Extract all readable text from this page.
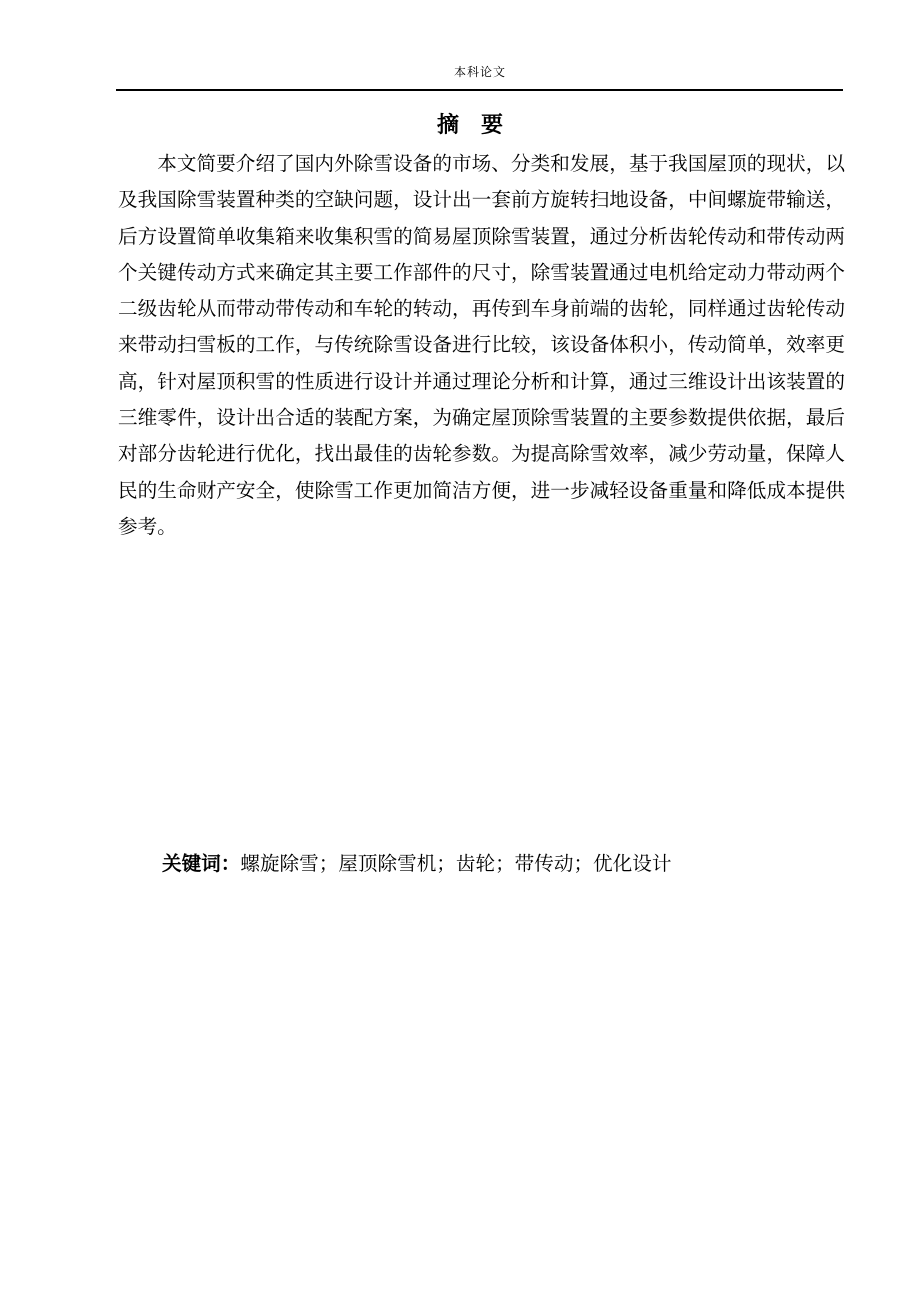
本科论文
摘要

本文简要介绍了国内外除雪设备的市场、分类和发展，基于我国屋顶的现状，以及我国除雪装置种类的空缺问题，设计出一套前方旋转扫地设备，中间螺旋带输送，后方设置简单收集箱来收集积雪的简易屋顶除雪装置，通过分析齿轮传动和带传动两个关键传动方式来确定其主要工作部件的尺寸，除雪装置通过电机给定动力带动两个二级齿轮从而带动带传动和车轮的转动，再传到车身前端的齿轮，同样通过齿轮传动来带动扫雪板的工作，与传统除雪设备进行比较，该设备体积小，传动简单，效率更高，针对屋顶积雪的性质进行设计并通过理论分析和计算，通过三维设计出该装置的三维零件，设计出合适的装配方案，为确定屋顶除雪装置的主要参数提供依据，最后对部分齿轮进行优化，找出最佳的齿轮参数。为提高除雪效率，减少劳动量，保障人民的生命财产安全，使除雪工作更加简洁方便，进一步减轻设备重量和降低成本提供参考。

关键词：螺旋除雪；屋顶除雪机；齿轮；带传动；优化设计
